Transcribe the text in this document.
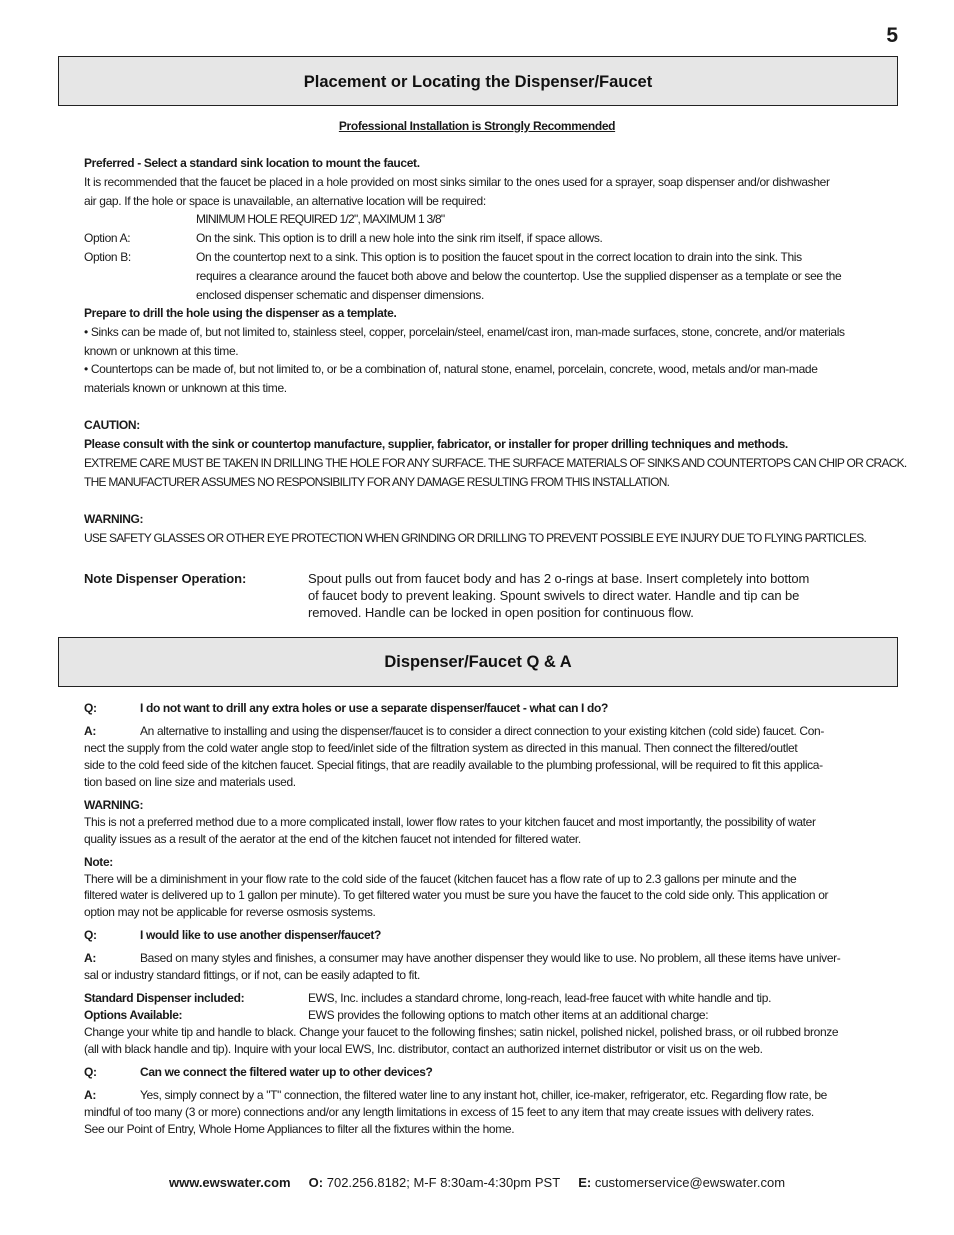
5
Placement or Locating the Dispenser/Faucet
Professional Installation is Strongly Recommended
Preferred - Select a standard sink location to mount the faucet.
It is recommended that the faucet be placed in a hole provided on most sinks similar to the ones used for a sprayer, soap dispenser and/or dishwasher
air gap. If the hole or space is unavailable, an alternative location will be required:
MINIMUM HOLE REQUIRED 1/2", MAXIMUM 1 3/8"
Option A:	On the sink. This option is to drill a new hole into the sink rim itself, if space allows.
Option B:	On the countertop next to a sink. This option is to position the faucet spout in the correct location to drain into the sink. This
requires a clearance around the faucet both above and below the countertop. Use the supplied dispenser as a template or see the
enclosed dispenser schematic and dispenser dimensions.
Prepare to drill the hole using the dispenser as a template.
• Sinks can be made of, but not limited to, stainless steel, copper, porcelain/steel, enamel/cast iron, man-made surfaces, stone, concrete, and/or materials
known or unknown at this time.
• Countertops can be made of, but not limited to, or be a combination of, natural stone, enamel, porcelain, concrete, wood, metals and/or man-made
materials known or unknown at this time.
CAUTION:
Please consult with the sink or countertop manufacture, supplier, fabricator, or installer for proper drilling techniques and methods.
EXTREME CARE MUST BE TAKEN IN DRILLING THE HOLE FOR ANY SURFACE. THE SURFACE MATERIALS OF SINKS AND COUNTERTOPS CAN CHIP OR CRACK.
THE MANUFACTURER ASSUMES NO RESPONSIBILITY FOR ANY DAMAGE RESULTING FROM THIS INSTALLATION.
WARNING:
USE SAFETY GLASSES OR OTHER EYE PROTECTION WHEN GRINDING OR DRILLING TO PREVENT POSSIBLE EYE INJURY DUE TO FLYING PARTICLES.
Note Dispenser Operation:	Spout pulls out from faucet body and has 2 o-rings at base. Insert completely into bottom
of faucet body to prevent leaking. Spount swivels to direct water. Handle and tip can be
removed. Handle can be locked in open position for continuous flow.
Dispenser/Faucet Q & A
Q:	I do not want to drill any extra holes or use a separate dispenser/faucet - what can I do?
A:	An alternative to installing and using the dispenser/faucet is to consider a direct connection to your existing kitchen (cold side) faucet. Con-
nect the supply from the cold water angle stop to feed/inlet side of the filtration system as directed in this manual. Then connect the filtered/outlet
side to the cold feed side of the kitchen faucet. Special fitings, that are readily available to the plumbing professional, will be required to fit this applica-
tion based on line size and materials used.
WARNING:
This is not a preferred method due to a more complicated install, lower flow rates to your kitchen faucet and most importantly, the possibility of water
quality issues as a result of the aerator at the end of the kitchen faucet not intended for filtered water.
Note:
There will be a diminishment in your flow rate to the cold side of the faucet (kitchen faucet has a flow rate of up to 2.3 gallons per minute and the
filtered water is delivered up to 1 gallon per minute). To get filtered water you must be sure you have the faucet to the cold side only. This application or
option may not be applicable for reverse osmosis systems.
Q:	I would like to use another dispenser/faucet?
A:	Based on many styles and finishes, a consumer may have another dispenser they would like to use. No problem, all these items have univer-
sal or industry standard fittings, or if not, can be easily adapted to fit.
Standard Dispenser included:	EWS, Inc. includes a standard chrome, long-reach, lead-free faucet with white handle and tip.
Options Available:	EWS provides the following options to match other items at an additional charge:
Change your white tip and handle to black. Change your faucet to the following finshes; satin nickel, polished nickel, polished brass, or oil rubbed bronze
(all with black handle and tip). Inquire with your local EWS, Inc. distributor, contact an authorized internet distributor or visit us on the web.
Q:	Can we connect the filtered water up to other devices?
A:	Yes, simply connect by a "T" connection, the filtered water line to any instant hot, chiller, ice-maker, refrigerator, etc. Regarding flow rate, be
mindful of too many (3 or more) connections and/or any length limitations in excess of 15 feet to any item that may create issues with delivery rates.
See our Point of Entry, Whole Home Appliances to filter all the fixtures within the home.
www.ewswater.com O: 702.256.8182; M-F 8:30am-4:30pm PST E: customerservice@ewswater.com
